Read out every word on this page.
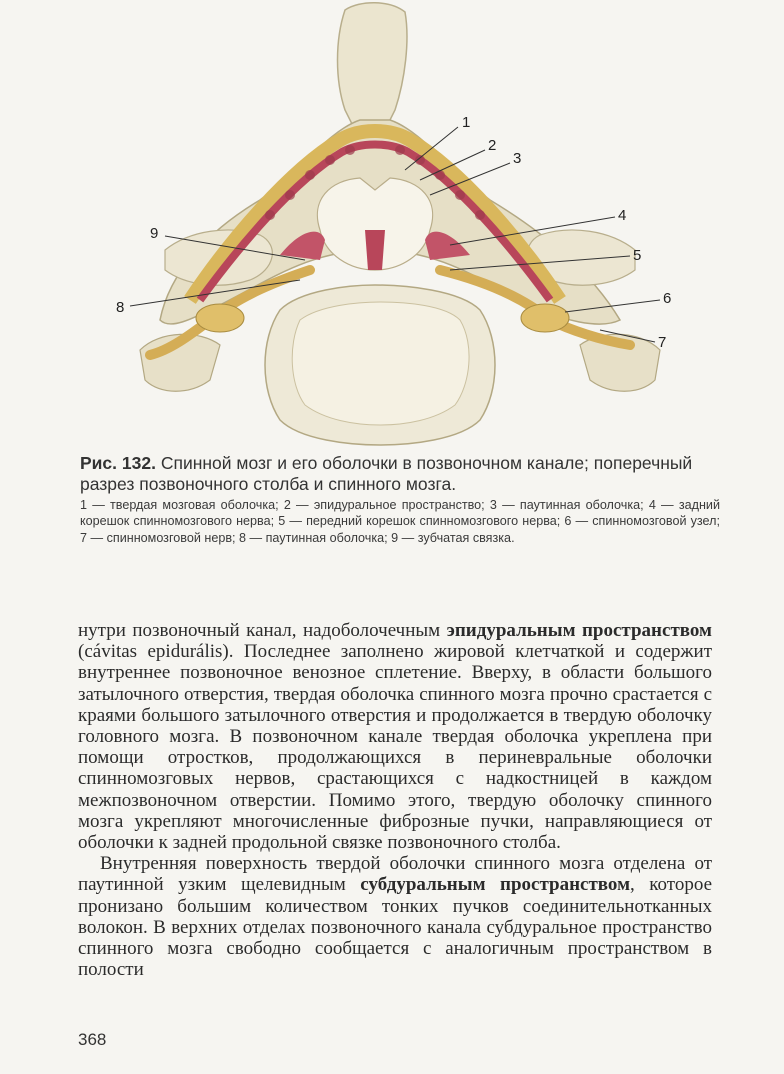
1
2
3
4
5
6
7
8
9
Рис. 132. Спинной мозг и его оболочки в позвоночном канале; поперечный разрез позвоночного столба и спинного мозга.
1 — твердая мозговая оболочка; 2 — эпидуральное пространство; 3 — паутинная оболочка; 4 — задний корешок спинномозгового нерва; 5 — передний корешок спинномозгового нерва; 6 — спинномозговой узел; 7 — спинномозговой нерв; 8 — паутинная оболочка; 9 — зубчатая связка.

нутри позвоночный канал, надоболочечным эпидуральным пространством (cávitas epidurális). Последнее заполнено жировой клетчаткой и содержит внутреннее позвоночное венозное сплетение. Вверху, в области большого затылочного отверстия, твердая оболочка спинного мозга прочно срастается с краями большого затылочного отверстия и продолжается в твердую оболочку головного мозга. В позвоночном канале твердая оболочка укреплена при помощи отростков, продолжающихся в периневральные оболочки спинномозговых нервов, срастающихся с надкостницей в каждом межпозвоночном отверстии. Помимо этого, твердую оболочку спинного мозга укрепляют многочисленные фиброзные пучки, направляющиеся от оболочки к задней продольной связке позвоночного столба.

Внутренняя поверхность твердой оболочки спинного мозга отделена от паутинной узким щелевидным субдуральным пространством, которое пронизано большим количеством тонких пучков соединительнотканных волокон. В верхних отделах позвоночного канала субдуральное пространство спинного мозга свободно сообщается с аналогичным пространством в полости

368
